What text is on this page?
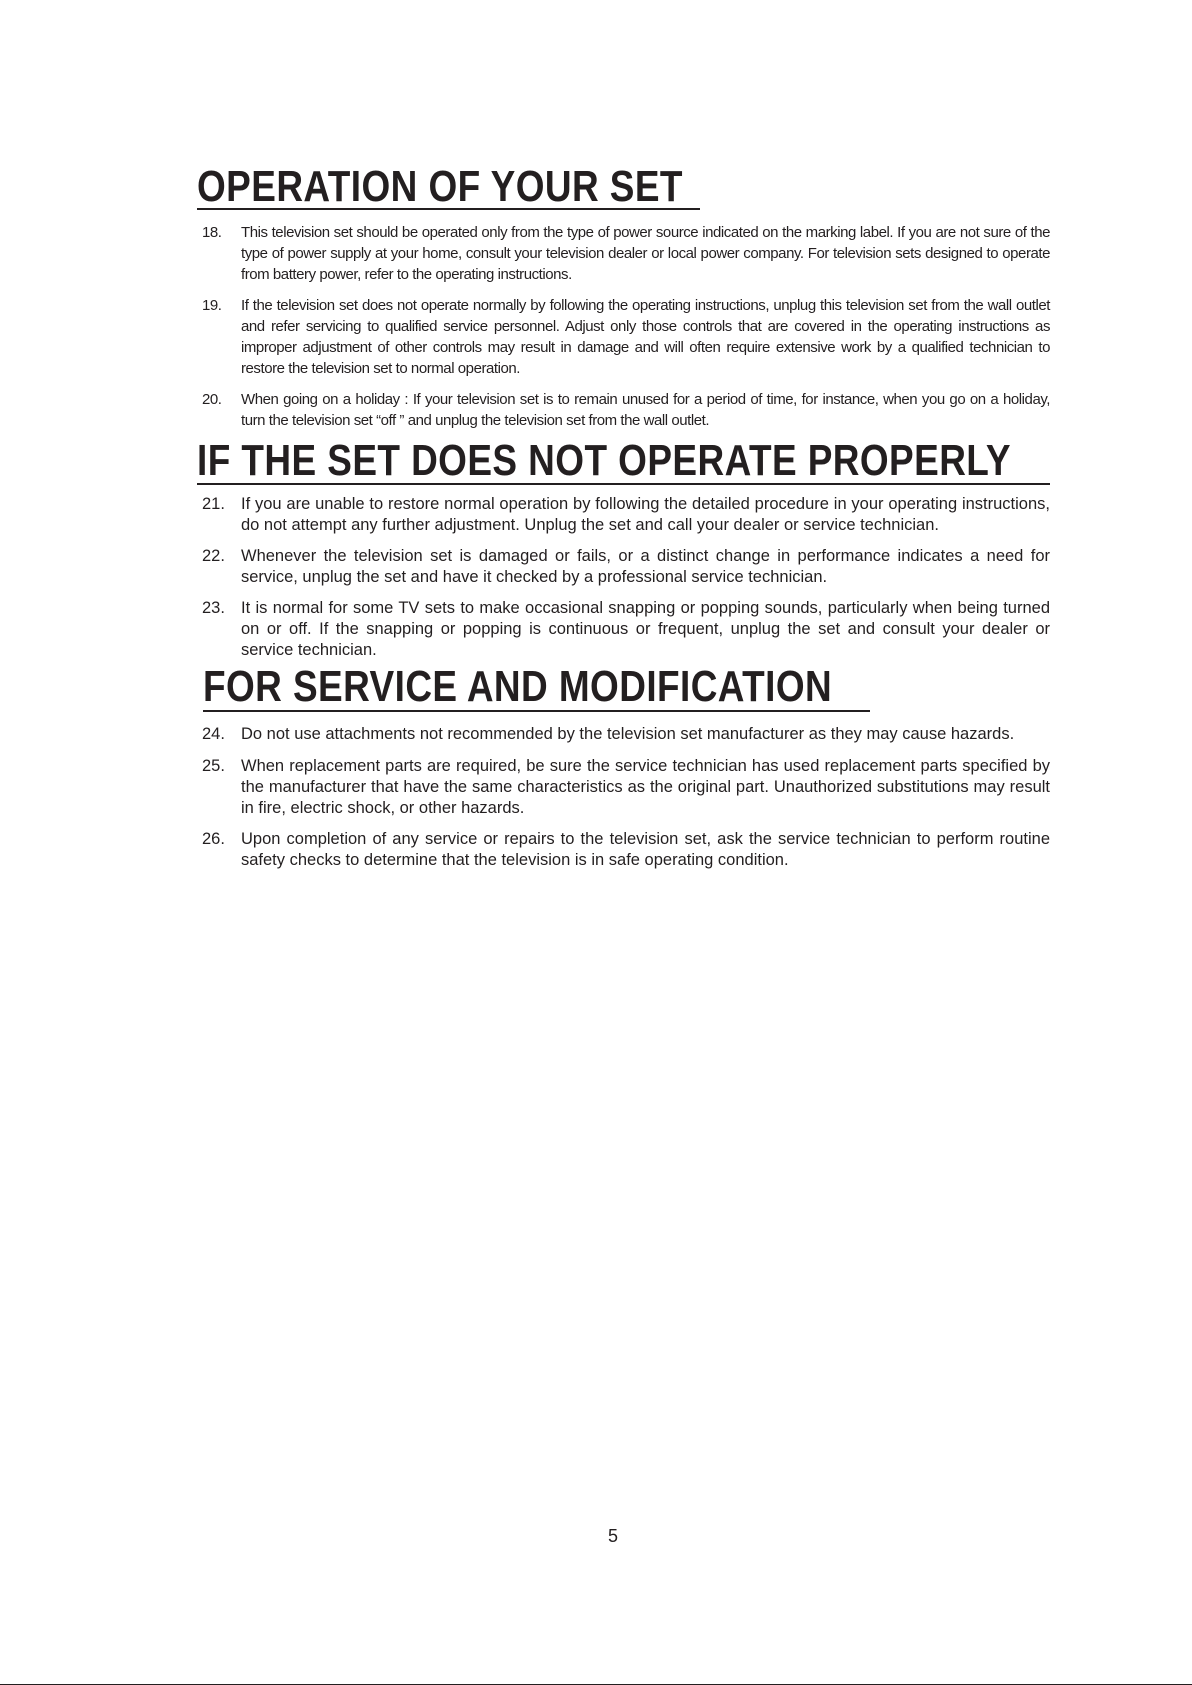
OPERATION OF YOUR SET
18. This television set should be operated only from the type of power source indicated on the marking label. If you are not sure of the type of power supply at your home, consult your television dealer or local power company. For television sets designed to operate from battery power, refer to the operating instructions.
19. If the television set does not operate normally by following the operating instructions, unplug this television set from the wall outlet and refer servicing to qualified service personnel. Adjust only those controls that are covered in the operating instructions as improper adjustment of other controls may result in damage and will often require extensive work by a qualified technician to restore the television set to normal operation.
20. When going on a holiday : If your television set is to remain unused for a period of time, for instance, when you go on a holiday, turn the television set “off ” and unplug the television set from the wall outlet.
IF THE SET DOES NOT OPERATE PROPERLY
21. If you are unable to restore normal operation by following the detailed procedure in your operating instructions, do not attempt any further adjustment. Unplug the set and call your dealer or service technician.
22. Whenever the television set is damaged or fails, or a distinct change in performance indicates a need for service, unplug the set and have it checked by a professional service technician.
23. It is normal for some TV sets to make occasional snapping or popping sounds, particularly when being turned on or off. If the snapping or popping is continuous or frequent, unplug the set and consult your dealer or service technician.
FOR SERVICE AND MODIFICATION
24. Do not use attachments not recommended by the television set manufacturer as they may cause hazards.
25. When replacement parts are required, be sure the service technician has used replacement parts specified by the manufacturer that have the same characteristics as the original part. Unauthorized substitutions may result in fire, electric shock, or other hazards.
26. Upon completion of any service or repairs to the television set, ask the service technician to perform routine safety checks to determine that the television is in safe operating condition.
5
